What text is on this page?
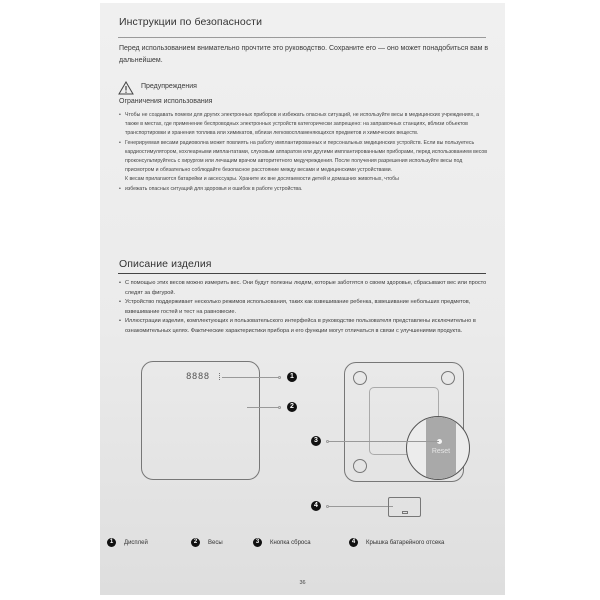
Инструкции по безопасности
Перед использованием внимательно прочтите это руководство. Сохраните его — оно может понадобиться вам в дальнейшем.
Предупреждения
Ограничения использования
• Чтобы не создавать помехи для других электронных приборов и избежать опасных ситуаций, не используйте весы в медицинских учреждениях, а также в местах, где применение беспроводных электронных устройств категорически запрещено: на заправочных станциях, вблизи объектов транспортировки и хранения топлива или химикатов, вблизи легковоспламеняющихся предметов и химических веществ.
• Генерируемая весами радиоволна может повлиять на работу имплантированных и персональных медицинских устройств. Если вы пользуетесь кардиостимулятором, кохлеарными имплантатами, слуховым аппаратом или другими имплантированными приборами, перед использованием весов проконсультируйтесь с хирургом или лечащим врачом авторитетного медучреждения. После получения разрешения используйте весы под присмотром и обязательно соблюдайте безопасное расстояние между весами и медицинскими устройствами.
К весам прилагаются батарейки и аксессуары. Храните их вне досягаемости детей и домашних животных, чтобы
• избежать опасных ситуаций для здоровья и ошибок в работе устройства.
Описание изделия
• С помощью этих весов можно измерить вес. Они будут полезны людям, которые заботятся о своем здоровье, сбрасывают вес или просто следят за фигурой.
• Устройство поддерживает несколько режимов использования, таких как взвешивание ребенка, взвешивание небольших предметов, взвешивание гостей и тест на равновесие.
• Иллюстрации изделия, комплектующих и пользовательского интерфейса в руководстве пользователя представлены исключительно в ознакомительных целях. Фактические характеристики прибора и его функции могут отличаться в связи с улучшениями продукта.
1	Дисплей	2	Весы	3	Кнопка сброса	4	Крышка батарейного отсека
36
8888	1
2
Reset
3
4
